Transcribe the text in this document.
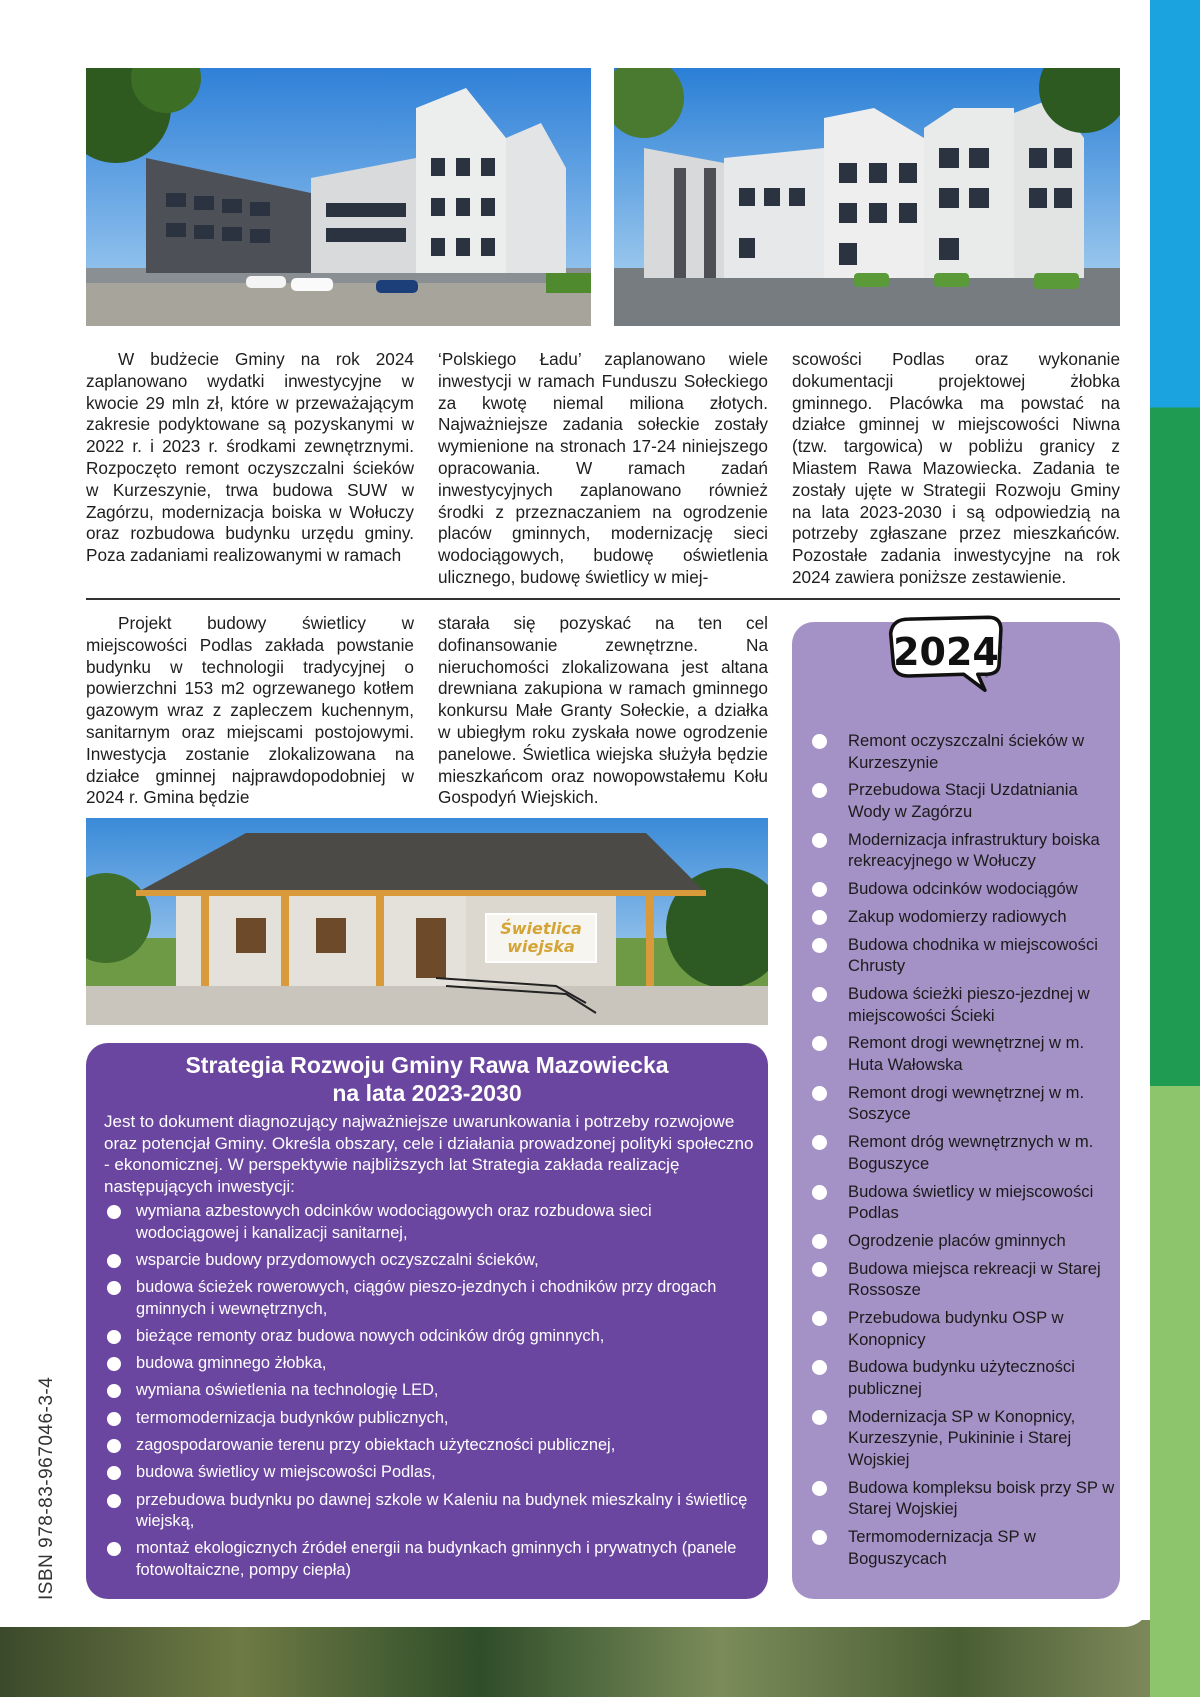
W budżecie Gminy na rok 2024 zaplanowano wydatki inwestycyjne w kwocie 29 mln zł, które w przeważającym zakresie podyktowane są pozyskanymi w 2022 r. i 2023 r. środkami zewnętrznymi. Rozpoczęto remont oczyszczalni ścieków w Kurzeszynie, trwa budowa SUW w Zagórzu, modernizacja boiska w Wołuczy oraz rozbudowa budynku urzędu gminy. Poza zadaniami realizowanymi w ramach

‘Polskiego Ładu’ zaplanowano wiele inwestycji w ramach Funduszu Sołeckiego za kwotę niemal miliona złotych. Najważniejsze zadania sołeckie zostały wymienione na stronach 17-24 niniejszego opracowania. W ramach zadań inwestycyjnych zaplanowano również środki z przeznaczaniem na ogrodzenie placów gminnych, modernizację sieci wodociągowych, budowę oświetlenia ulicznego, budowę świetlicy w miej-

scowości Podlas oraz wykonanie dokumentacji projektowej żłobka gminnego. Placówka ma powstać na działce gminnej w miejscowości Niwna (tzw. targowica) w pobliżu granicy z Miastem Rawa Mazowiecka. Zadania te zostały ujęte w Strategii Rozwoju Gminy na lata 2023-2030 i są odpowiedzią na potrzeby zgłaszane przez mieszkańców. Pozostałe zadania inwestycyjne na rok 2024 zawiera poniższe zestawienie.

Projekt budowy świetlicy w miejscowości Podlas zakłada powstanie budynku w technologii tradycyjnej o powierzchni 153 m2 ogrzewanego kotłem gazowym wraz z zapleczem kuchennym, sanitarnym oraz miejscami postojowymi. Inwestycja zostanie zlokalizowana na działce gminnej najprawdopodobniej w 2024 r. Gmina będzie

starała się pozyskać na ten cel dofinansowanie zewnętrzne. Na nieruchomości zlokalizowana jest altana drewniana zakupiona w ramach gminnego konkursu Małe Granty Sołeckie, a działka w ubiegłym roku zyskała nowe ogrodzenie panelowe. Świetlica wiejska służyła będzie mieszkańcom oraz nowopowstałemu Kołu Gospodyń Wiejskich.

Świetlica wiejska
Strategia Rozwoju Gminy Rawa Mazowiecka
na lata 2023-2030
Jest to dokument diagnozujący najważniejsze uwarunkowania i potrzeby rozwojowe oraz potencjał Gminy. Określa obszary, cele i działania prowadzonej polityki społeczno - ekonomicznej. W perspektywie najbliższych lat Strategia zakłada realizację następujących inwestycji:
wymiana azbestowych odcinków wodociągowych oraz rozbudowa sieci wodociągowej i kanalizacji sanitarnej,
wsparcie budowy przydomowych oczyszczalni ścieków,
budowa ścieżek rowerowych, ciągów pieszo-jezdnych i chodników przy drogach gminnych i wewnętrznych,
bieżące remonty oraz budowa nowych odcinków dróg gminnych,
budowa gminnego żłobka,
wymiana oświetlenia na technologię LED,
termomodernizacja budynków publicznych,
zagospodarowanie terenu przy obiektach użyteczności publicznej,
budowa świetlicy w miejscowości Podlas,
przebudowa budynku po dawnej szkole w Kaleniu na budynek mieszkalny i świetlicę wiejską,
montaż ekologicznych źródeł energii na budynkach gminnych i prywatnych (panele fotowoltaiczne, pompy ciepła)
2024
Remont oczyszczalni ścieków w Kurzeszynie
Przebudowa Stacji Uzdatniania Wody w Zagórzu
Modernizacja infrastruktury boiska rekreacyjnego w Wołuczy
Budowa odcinków wodociągów
Zakup wodomierzy radiowych
Budowa chodnika w miejscowości Chrusty
Budowa ścieżki pieszo-jezdnej w miejscowości Ścieki
Remont drogi wewnętrznej w m. Huta Wałowska
Remont drogi wewnętrznej w m. Soszyce
Remont dróg wewnętrznych w m. Boguszyce
Budowa świetlicy w miejscowości Podlas
Ogrodzenie placów gminnych
Budowa miejsca rekreacji w Starej Rossosze
Przebudowa budynku OSP w Konopnicy
Budowa budynku użyteczności publicznej
Modernizacja SP w Konopnicy, Kurzeszynie, Pukininie i Starej Wojskiej
Budowa kompleksu boisk przy SP w Starej Wojskiej
Termomodernizacja SP w Boguszycach
ISBN 978-83-967046-3-4
